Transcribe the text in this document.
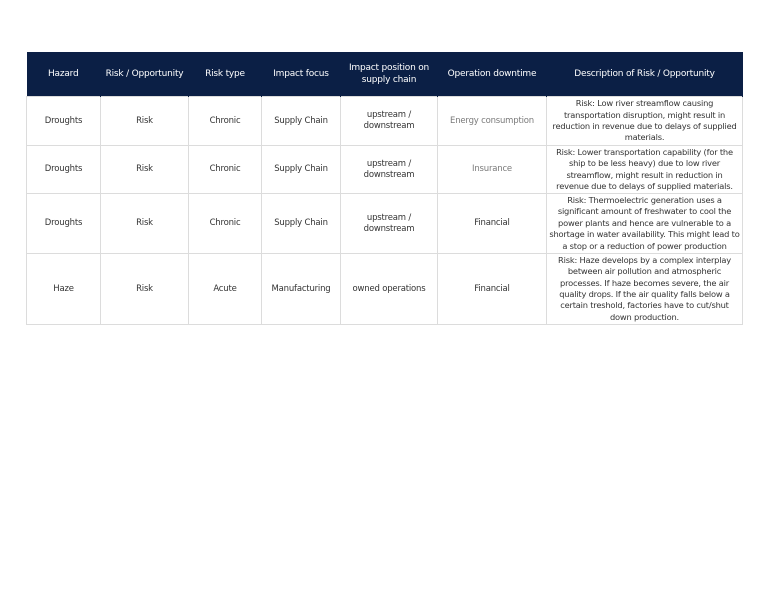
Hazard	Risk / Opportunity	Risk type	Impact focus	Impact position on supply chain	Operation downtime	Description of Risk / Opportunity
Droughts	Risk	Chronic	Supply Chain	upstream / downstream	Energy consumption	Risk: Low river streamflow causing transportation disruption, might result in reduction in revenue due to delays of supplied materials.
Droughts	Risk	Chronic	Supply Chain	upstream / downstream	Insurance	Risk: Lower transportation capability (for the ship to be less heavy) due to low river streamflow, might result in reduction in revenue due to delays of supplied materials.
Droughts	Risk	Chronic	Supply Chain	upstream / downstream	Financial	Risk: Thermoelectric generation uses a significant amount of freshwater to cool the power plants and hence are vulnerable to a shortage in water availability. This might lead to a stop or a reduction of power production
Haze	Risk	Acute	Manufacturing	owned operations	Financial	Risk: Haze develops by a complex interplay between air pollution and atmospheric processes. If haze becomes severe, the air quality drops. If the air quality falls below a certain treshold, factories have to cut/shut down production.
